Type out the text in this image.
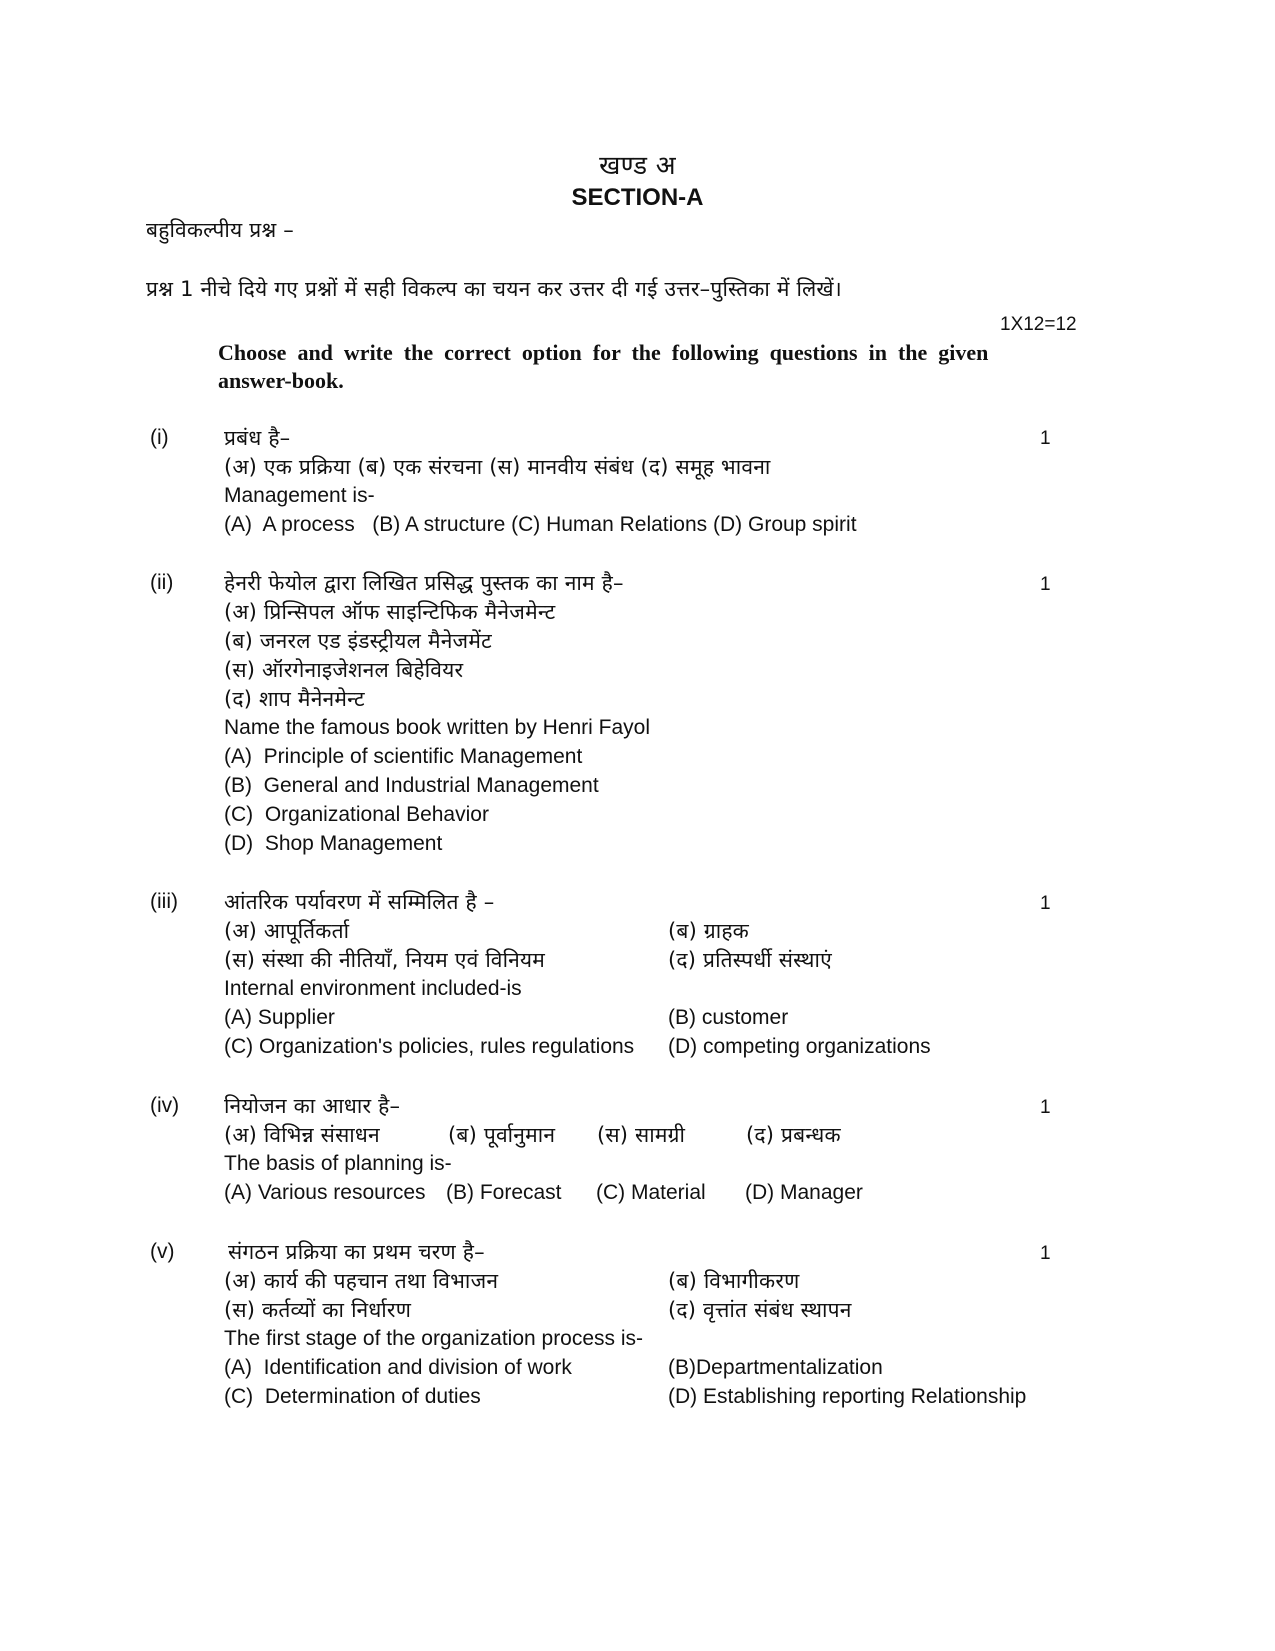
खण्ड अ
SECTION-A
बहुविकल्पीय प्रश्न –
प्रश्न 1 नीचे दिये गए प्रश्नों में सही विकल्प का चयन कर उत्तर दी गई उत्तर–पुस्तिका में लिखें।
1X12=12
Choose  and  write  the  correct  option  for  the  following  questions  in  the  given
answer-book.
(i)	1
प्रबंध है–
(अ) एक प्रक्रिया (ब) एक संरचना (स) मानवीय संबंध (द) समूह भावना
Management is-
(A)  A process   (B) A structure (C) Human Relations (D) Group spirit
(ii)	1
हेनरी फेयोल द्वारा लिखित प्रसिद्ध पुस्तक का नाम है–
(अ) प्रिन्सिपल ऑफ साइन्टिफिक मैनेजमेन्ट
(ब) जनरल एड इंडस्ट्रीयल मैनेजमेंट
(स) ऑरगेनाइजेशनल बिहेवियर
(द) शाप मैनेनमेन्ट
Name the famous book written by Henri Fayol
(A)  Principle of scientific Management
(B)  General and Industrial Management
(C)  Organizational Behavior
(D)  Shop Management
(iii)	1
आंतरिक पर्यावरण में सम्मिलित है –
(अ) आपूर्तिकर्ता	(ब) ग्राहक
(स) संस्था की नीतियाँ, नियम एवं विनियम	(द) प्रतिस्पर्धी संस्थाएं
Internal environment included-is
(A) Supplier	(B) customer
(C) Organization's policies, rules regulations (D) competing organizations
(iv)	1
नियोजन का आधार है–
(अ) विभिन्न संसाधन	(ब) पूर्वानुमान (स) सामग्री	(द) प्रबन्धक
The basis of planning is-
(A) Various resources (B) Forecast (C) Material (D) Manager
(v)	1
संगठन प्रक्रिया का प्रथम चरण है–
(अ) कार्य की पहचान तथा विभाजन	(ब) विभागीकरण
(स) कर्तव्यों का निर्धारण	(द) वृत्तांत संबंध स्थापन
The first stage of the organization process is-
(A)  Identification and division of work	(B)Departmentalization
(C)  Determination of duties	(D) Establishing reporting Relationship
